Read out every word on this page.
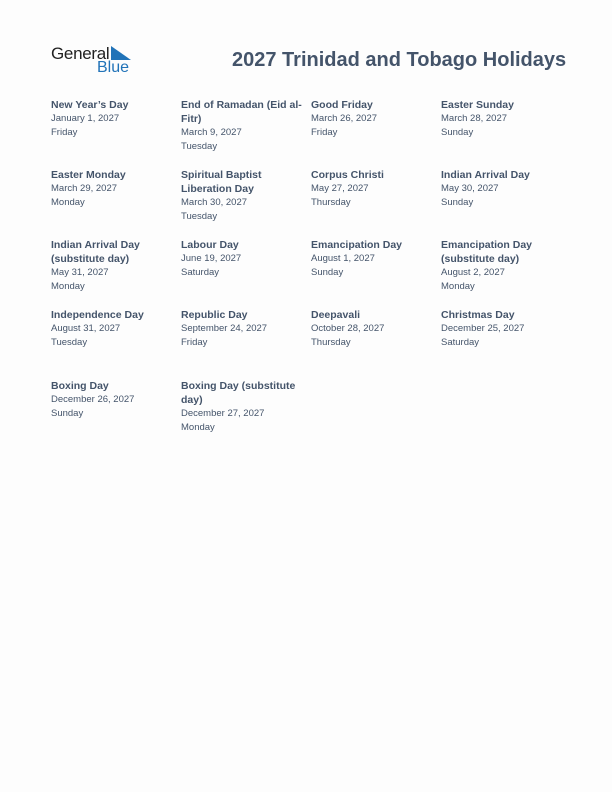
General
Blue	2027 Trinidad and Tobago Holidays
New Year’s Day
January 1, 2027
Friday
End of Ramadan (Eid al-Fitr)
March 9, 2027
Tuesday
Good Friday
March 26, 2027
Friday
Easter Sunday
March 28, 2027
Sunday
Easter Monday
March 29, 2027
Monday
Spiritual Baptist Liberation Day
March 30, 2027
Tuesday
Corpus Christi
May 27, 2027
Thursday
Indian Arrival Day
May 30, 2027
Sunday
Indian Arrival Day (substitute day)
May 31, 2027
Monday
Labour Day
June 19, 2027
Saturday
Emancipation Day
August 1, 2027
Sunday
Emancipation Day (substitute day)
August 2, 2027
Monday
Independence Day
August 31, 2027
Tuesday
Republic Day
September 24, 2027
Friday
Deepavali
October 28, 2027
Thursday
Christmas Day
December 25, 2027
Saturday
Boxing Day
December 26, 2027
Sunday
Boxing Day (substitute day)
December 27, 2027
Monday
